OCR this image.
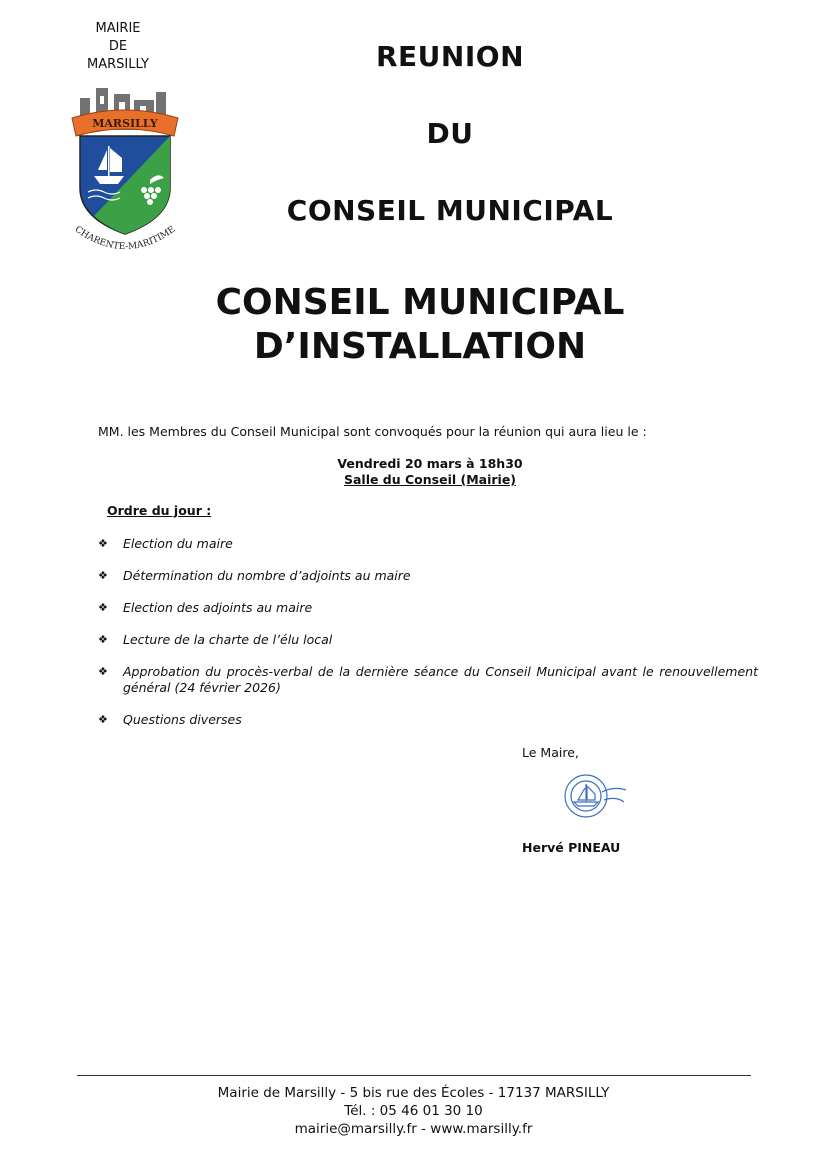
MAIRIE
DE
MARSILLY
MARSILLY
CHARENTE-MARITIME
REUNION
DU
CONSEIL MUNICIPAL
CONSEIL MUNICIPAL
D’INSTALLATION
MM. les Membres du Conseil Municipal sont convoqués pour la réunion qui aura lieu le :
Vendredi 20 mars à 18h30
Salle du Conseil (Mairie)
Ordre du jour :
❖ Election du maire
❖ Détermination du nombre d’adjoints au maire
❖ Election des adjoints au maire
❖ Lecture de la charte de l’élu local
❖ Approbation du procès-verbal de la dernière séance du Conseil Municipal avant le renouvellement général (24 février 2026)
❖ Questions diverses
Le Maire,
Hervé PINEAU
Mairie de Marsilly - 5 bis rue des Écoles - 17137 MARSILLY
Tél. : 05 46 01 30 10
mairie@marsilly.fr - www.marsilly.fr
